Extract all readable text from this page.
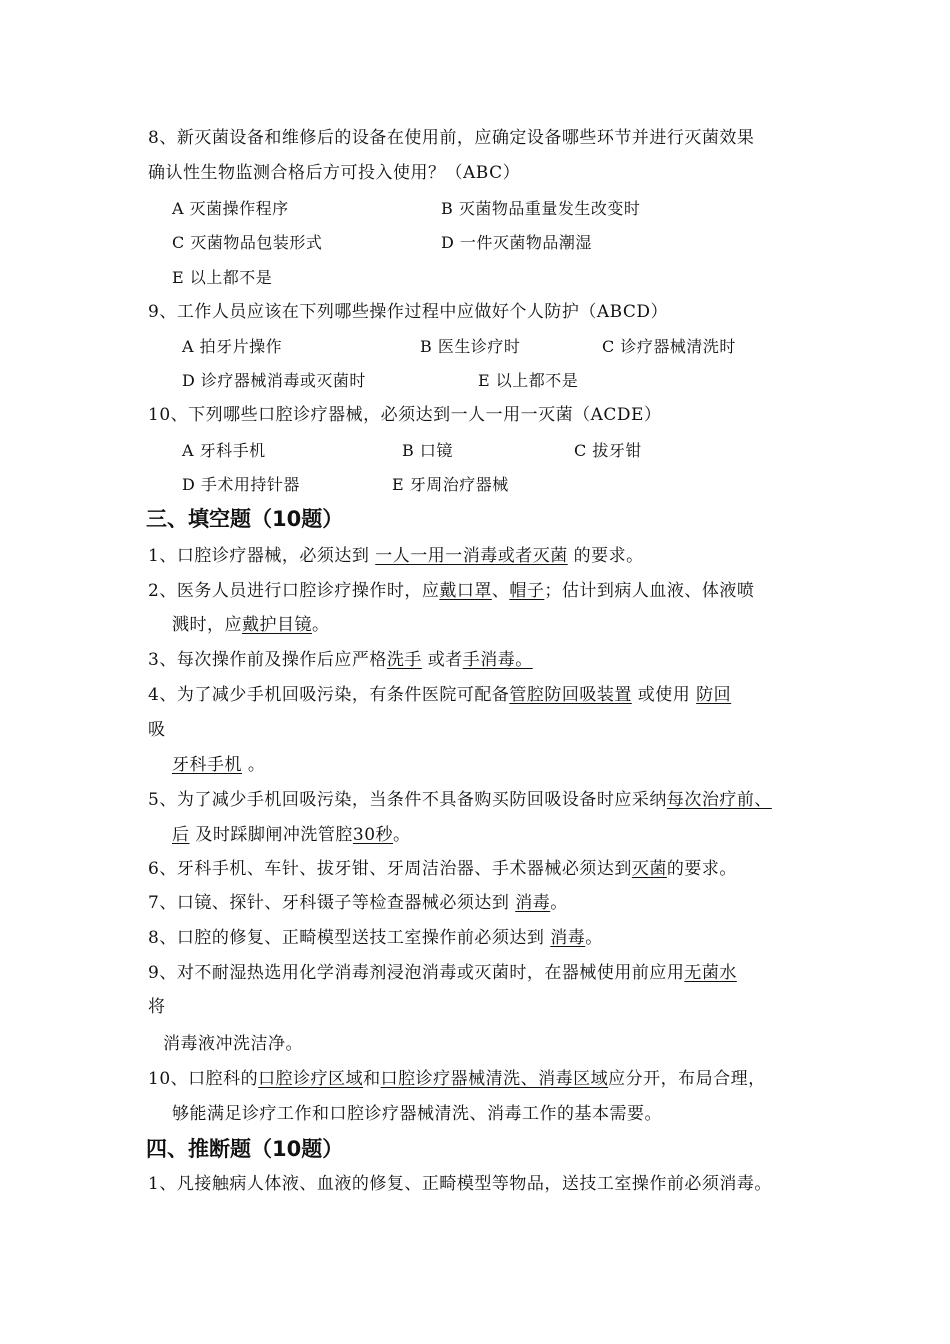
8、新灭菌设备和维修后的设备在使用前，应确定设备哪些环节并进行灭菌效果
确认性生物监测合格后方可投入使用？（ABC）
A 灭菌操作程序	B 灭菌物品重量发生改变时
C 灭菌物品包装形式	D 一件灭菌物品潮湿
E 以上都不是
9、工作人员应该在下列哪些操作过程中应做好个人防护（ABCD）
A 拍牙片操作	B 医生诊疗时	C 诊疗器械清洗时
D 诊疗器械消毒或灭菌时	E 以上都不是
10、下列哪些口腔诊疗器械，必须达到一人一用一灭菌（ACDE）
A 牙科手机	B 口镜	C 拔牙钳
D 手术用持针器	E 牙周治疗器械
三、填空题（10题）
1、口腔诊疗器械，必须达到 一人一用一消毒或者灭菌 的要求。
2、医务人员进行口腔诊疗操作时，应戴口罩、帽子；估计到病人血液、体液喷
溅时，应戴护目镜。
3、每次操作前及操作后应严格洗手 或者手消毒。
4、为了减少手机回吸污染，有条件医院可配备管腔防回吸装置 或使用 防回
吸
牙科手机 。
5、为了减少手机回吸污染，当条件不具备购买防回吸设备时应采纳每次治疗前、
后 及时踩脚闸冲洗管腔30秒。
6、牙科手机、车针、拔牙钳、牙周洁治器、手术器械必须达到灭菌的要求。
7、口镜、探针、牙科镊子等检查器械必须达到 消毒。
8、口腔的修复、正畸模型送技工室操作前必须达到 消毒。
9、对不耐湿热选用化学消毒剂浸泡消毒或灭菌时，在器械使用前应用无菌水
将
消毒液冲洗洁净。
10、口腔科的口腔诊疗区域和口腔诊疗器械清洗、消毒区域应分开，布局合理，
够能满足诊疗工作和口腔诊疗器械清洗、消毒工作的基本需要。
四、推断题（10题）
1、凡接触病人体液、血液的修复、正畸模型等物品，送技工室操作前必须消毒。
